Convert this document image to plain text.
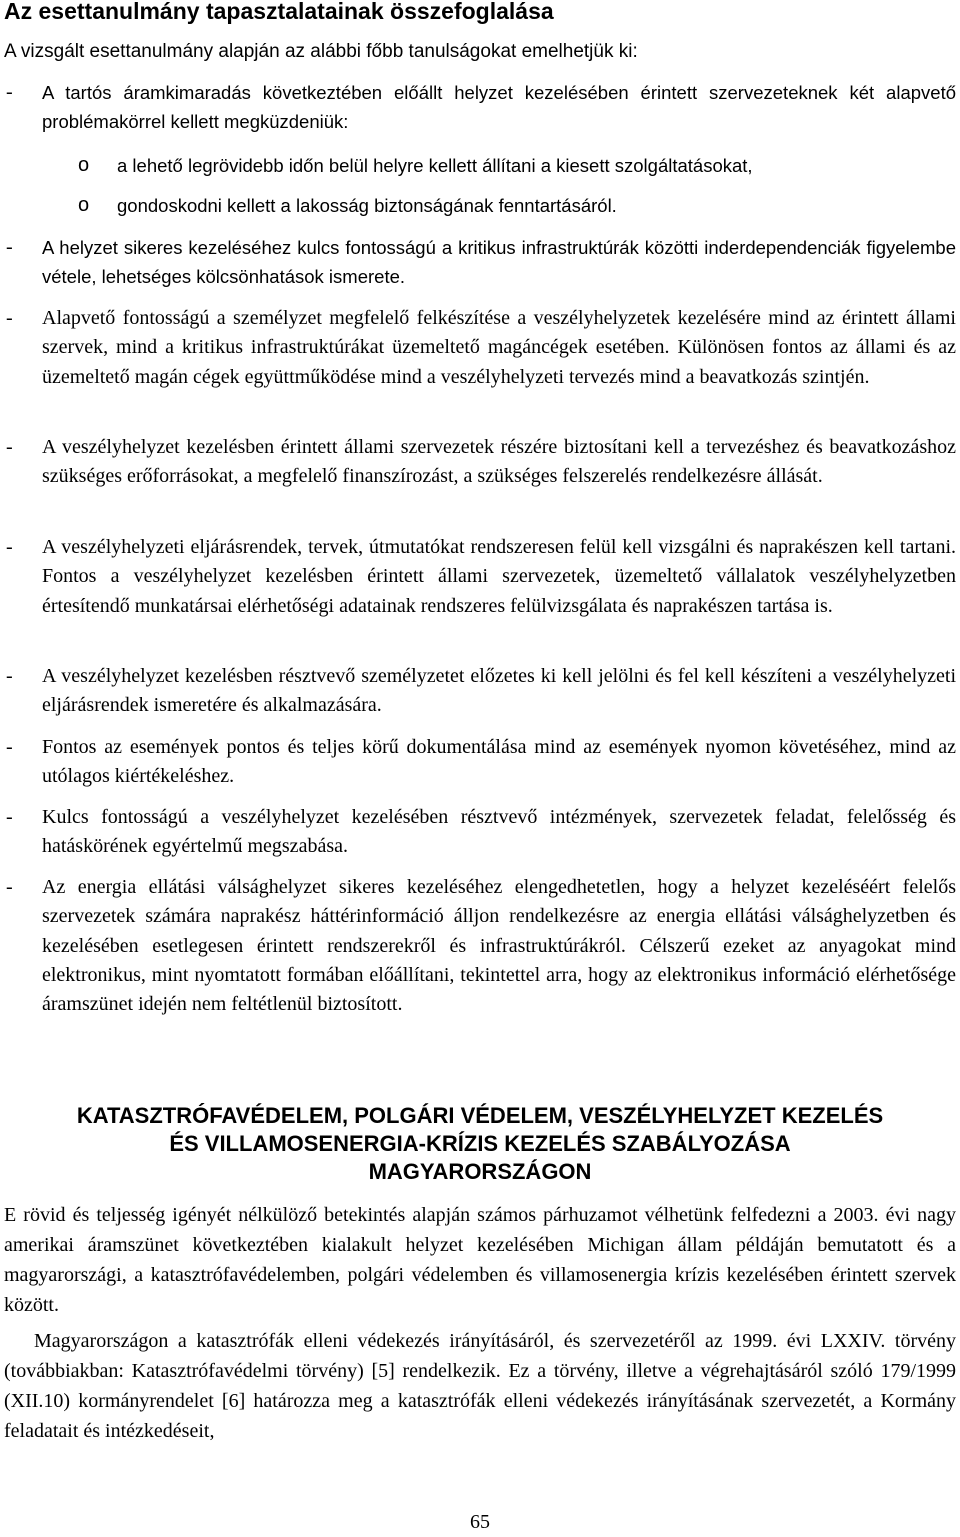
Az esettanulmány tapasztalatainak összefoglalása

A vizsgált esettanulmány alapján az alábbi főbb tanulságokat emelhetjük ki:

- A tartós áramkimaradás következtében előállt helyzet kezelésében érintett szervezeteknek két alapvető problémakörrel kellett megküzdeniük:

o a lehető legrövidebb időn belül helyre kellett állítani a kiesett szolgáltatásokat,

o gondoskodni kellett a lakosság biztonságának fenntartásáról.

- A helyzet sikeres kezeléséhez kulcs fontosságú a kritikus infrastruktúrák közötti inderdependenciák figyelembe vétele, lehetséges kölcsönhatások ismerete.

- Alapvető fontosságú a személyzet megfelelő felkészítése a veszélyhelyzetek kezelésére mind az érintett állami szervek, mind a kritikus infrastruktúrákat üzemeltető magáncégek esetében. Különösen fontos az állami és az üzemeltető magán cégek együttműködése mind a veszélyhelyzeti tervezés mind a beavatkozás szintjén.

- A veszélyhelyzet kezelésben érintett állami szervezetek részére biztosítani kell a tervezéshez és beavatkozáshoz szükséges erőforrásokat, a megfelelő finanszírozást, a szükséges felszerelés rendelkezésre állását.

- A veszélyhelyzeti eljárásrendek, tervek, útmutatókat rendszeresen felül kell vizsgálni és naprakészen kell tartani. Fontos a veszélyhelyzet kezelésben érintett állami szervezetek, üzemeltető vállalatok veszélyhelyzetben értesítendő munkatársai elérhetőségi adatainak rendszeres felülvizsgálata és naprakészen tartása is.

- A veszélyhelyzet kezelésben résztvevő személyzetet előzetes ki kell jelölni és fel kell készíteni a veszélyhelyzeti eljárásrendek ismeretére és alkalmazására.

- Fontos az események pontos és teljes körű dokumentálása mind az események nyomon követéséhez, mind az utólagos kiértékeléshez.

- Kulcs fontosságú a veszélyhelyzet kezelésében résztvevő intézmények, szervezetek feladat, felelősség és hatáskörének egyértelmű megszabása.

- Az energia ellátási válsághelyzet sikeres kezeléséhez elengedhetetlen, hogy a helyzet kezeléséért felelős szervezetek számára naprakész háttérinformáció álljon rendelkezésre az energia ellátási válsághelyzetben és kezelésében esetlegesen érintett rendszerekről és infrastruktúrákról. Célszerű ezeket az anyagokat mind elektronikus, mint nyomtatott formában előállítani, tekintettel arra, hogy az elektronikus információ elérhetősége áramszünet idején nem feltétlenül biztosított.

KATASZTRÓFAVÉDELEM, POLGÁRI VÉDELEM, VESZÉLYHELYZET KEZELÉS
ÉS VILLAMOSENERGIA-KRÍZIS KEZELÉS SZABÁLYOZÁSA
MAGYARORSZÁGON

E rövid és teljesség igényét nélkülöző betekintés alapján számos párhuzamot vélhetünk felfedezni a 2003. évi nagy amerikai áramszünet következtében kialakult helyzet kezelésében Michigan állam példáján bemutatott és a magyarországi, a katasztrófavédelemben, polgári védelemben és villamosenergia krízis kezelésében érintett szervek között.

Magyarországon a katasztrófák elleni védekezés irányításáról, és szervezetéről az 1999. évi LXXIV. törvény (továbbiakban: Katasztrófavédelmi törvény) [5] rendelkezik. Ez a törvény, illetve a végrehajtásáról szóló 179/1999 (XII.10) kormányrendelet [6] határozza meg a katasztrófák elleni védekezés irányításának szervezetét, a Kormány feladatait és intézkedéseit,

65
